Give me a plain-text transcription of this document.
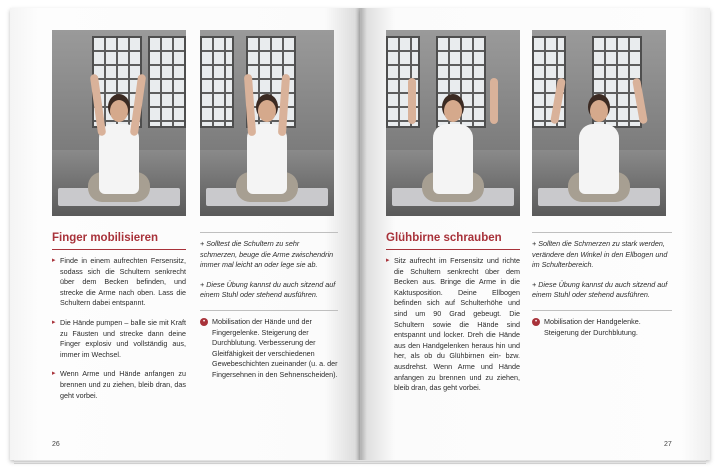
Finger mobilisieren

▸ Finde in einem aufrechten Fersensitz, sodass sich die Schultern senkrecht über dem Becken befinden, und strecke die Arme nach oben. Lass die Schultern dabei entspannt.

▸ Die Hände pumpen – balle sie mit Kraft zu Fäusten und strecke dann deine Finger explosiv und vollständig aus, immer im Wechsel.

▸ Wenn Arme und Hände anfangen zu brennen und zu ziehen, bleib dran, das geht vorbei.

+ Solltest die Schultern zu sehr schmerzen, beuge die Arme zwischendrin immer mal leicht an oder lege sie ab.

+ Diese Übung kannst du auch sitzend auf einem Stuhl oder stehend ausführen.

• Mobilisation der Hände und der Fingergelenke. Steigerung der Durchblutung. Verbesserung der Gleitfähigkeit der verschiedenen Gewebeschichten zueinander (u. a. der Fingersehnen in den Sehnenscheiden).

26
Glühbirne schrauben

▸ Sitz aufrecht im Fersensitz und richte die Schultern senkrecht über dem Becken aus. Bringe die Arme in die Kaktusposition. Deine Ellbogen befinden sich auf Schulterhöhe und sind um 90 Grad gebeugt. Die Schultern sowie die Hände sind entspannt und locker. Dreh die Hände aus den Handgelenken heraus hin und her, als ob du Glühbirnen ein- bzw. ausdrehst. Wenn Arme und Hände anfangen zu brennen und zu ziehen, bleib dran, das geht vorbei.

+ Sollten die Schmerzen zu stark werden, verändere den Winkel in den Ellbogen und im Schulterbereich.

+ Diese Übung kannst du auch sitzend auf einem Stuhl oder stehend ausführen.

• Mobilisation der Handgelenke. Steigerung der Durchblutung.

27
